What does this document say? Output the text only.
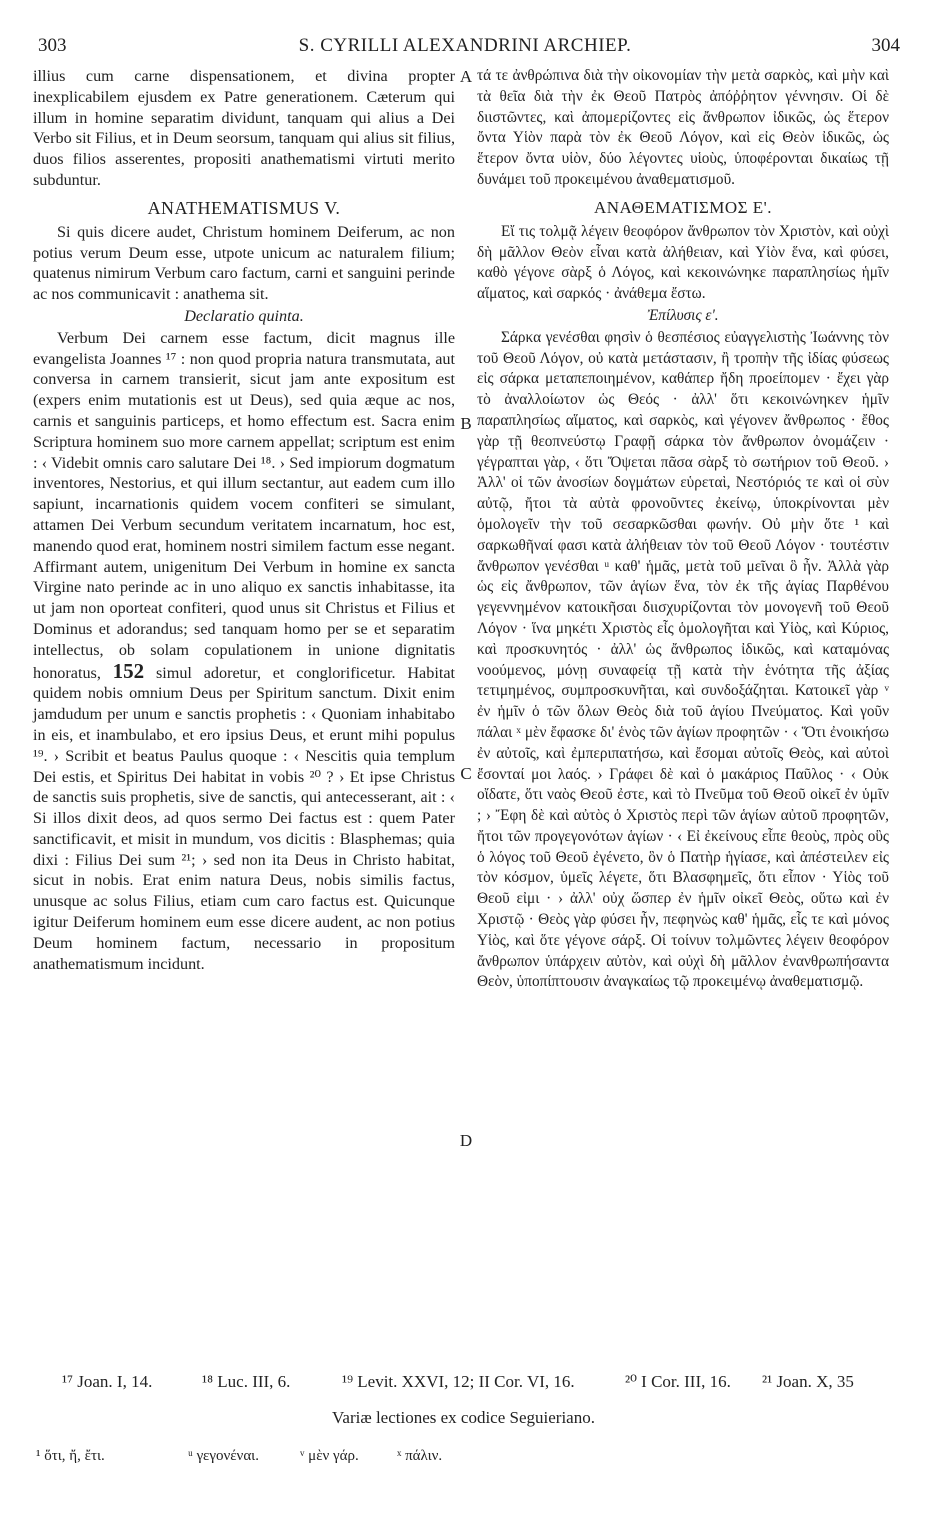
303	S. CYRILLI ALEXANDRINI ARCHIEP.	304
A
B
C
D

illius cum carne dispensationem, et divina propter inexplicabilem ejusdem ex Patre generationem. Cæterum qui illum in homine separatim dividunt, tanquam qui alius a Dei Verbo sit Filius, et in Deum seorsum, tanquam qui alius sit filius, duos filios asserentes, propositi anathematismi virtuti merito subduntur.

ANATHEMATISMUS V.

Si quis dicere audet, Christum hominem Deiferum, ac non potius verum Deum esse, utpote unicum ac naturalem filium; quatenus nimirum Verbum caro factum, carni et sanguini perinde ac nos communicavit : anathema sit.

Declaratio quinta.

Verbum Dei carnem esse factum, dicit magnus ille evangelista Joannes ¹⁷ : non quod propria natura transmutata, aut conversa in carnem transierit, sicut jam ante expositum est (expers enim mutationis est ut Deus), sed quia æque ac nos, carnis et sanguinis particeps, et homo effectum est. Sacra enim Scriptura hominem suo more carnem appellat; scriptum est enim : ‹ Videbit omnis caro salutare Dei ¹⁸. › Sed impiorum dogmatum inventores, Nestorius, et qui illum sectantur, aut eadem cum illo sapiunt, incarnationis quidem vocem confiteri se simulant, attamen Dei Verbum secundum veritatem incarnatum, hoc est, manendo quod erat, hominem nostri similem factum esse negant. Affirmant autem, unigenitum Dei Verbum in homine ex sancta Virgine nato perinde ac in uno aliquo ex sanctis inhabitasse, ita ut jam non oporteat confiteri, quod unus sit Christus et Filius et Dominus et adorandus; sed tanquam homo per se et separatim intellectus, ob solam copulationem in unione dignitatis honoratus, 152 simul adoretur, et conglorificetur. Habitat quidem nobis omnium Deus per Spiritum sanctum. Dixit enim jamdudum per unum e sanctis prophetis : ‹ Quoniam inhabitabo in eis, et inambulabo, et ero ipsius Deus, et erunt mihi populus ¹⁹. › Scribit et beatus Paulus quoque : ‹ Nescitis quia templum Dei estis, et Spiritus Dei habitat in vobis ²⁰ ? › Et ipse Christus de sanctis suis prophetis, sive de sanctis, qui antecesserant, ait : ‹ Si illos dixit deos, ad quos sermo Dei factus est : quem Pater sanctificavit, et misit in mundum, vos dicitis : Blasphemas; quia dixi : Filius Dei sum ²¹; › sed non ita Deus in Christo habitat, sicut in nobis. Erat enim natura Deus, nobis similis factus, unusque ac solus Filius, etiam cum caro factus est. Quicunque igitur Deiferum hominem eum esse dicere audent, ac non potius Deum hominem factum, necessario in propositum anathematismum incidunt.

τά τε ἀνθρώπινα διὰ τὴν οἰκονομίαν τὴν μετὰ σαρκὸς, καὶ μὴν καὶ τὰ θεῖα διὰ τὴν ἐκ Θεοῦ Πατρὸς ἀπόῤῥητον γέννησιν. Οἱ δὲ διιστῶντες, καὶ ἀπομερίζοντες εἰς ἄνθρωπον ἰδικῶς, ὡς ἕτερον ὄντα Υἱὸν παρὰ τὸν ἐκ Θεοῦ Λόγον, καὶ εἰς Θεὸν ἰδικῶς, ὡς ἕτερον ὄντα υἱὸν, δύο λέγοντες υἱοὺς, ὑποφέρονται δικαίως τῇ δυνάμει τοῦ προκειμένου ἀναθεματισμοῦ.

ΑΝΑΘΕΜΑΤΙΣΜΟΣ Ε'.

Εἴ τις τολμᾷ λέγειν θεοφόρον ἄνθρωπον τὸν Χριστὸν, καὶ οὐχὶ δὴ μᾶλλον Θεὸν εἶναι κατὰ ἀλήθειαν, καὶ Υἱὸν ἕνα, καὶ φύσει, καθὸ γέγονε σὰρξ ὁ Λόγος, καὶ κεκοινώνηκε παραπλησίως ἡμῖν αἵματος, καὶ σαρκός · ἀνάθεμα ἔστω.

Ἐπίλυσις ε'.

Σάρκα γενέσθαι φησὶν ὁ θεσπέσιος εὐαγγελιστὴς Ἰωάννης τὸν τοῦ Θεοῦ Λόγον, οὐ κατὰ μετάστασιν, ἢ τροπὴν τῆς ἰδίας φύσεως εἰς σάρκα μεταπεποιημένον, καθάπερ ἤδη προείπομεν · ἔχει γὰρ τὸ ἀναλλοίωτον ὡς Θεός · ἀλλ' ὅτι κεκοινώνηκεν ἡμῖν παραπλησίως αἵματος, καὶ σαρκὸς, καὶ γέγονεν ἄνθρωπος · ἔθος γὰρ τῇ θεοπνεύστῳ Γραφῇ σάρκα τὸν ἄνθρωπον ὀνομάζειν · γέγραπται γὰρ, ‹ ὅτι Ὄψεται πᾶσα σὰρξ τὸ σωτήριον τοῦ Θεοῦ. › Ἀλλ' οἱ τῶν ἀνοσίων δογμάτων εὑρεταὶ, Νεστόριός τε καὶ οἱ σὺν αὐτῷ, ἤτοι τὰ αὐτὰ φρονοῦντες ἐκείνῳ, ὑποκρίνονται μὲν ὁμολογεῖν τὴν τοῦ σεσαρκῶσθαι φωνήν. Οὐ μὴν ὅτε ¹ καὶ σαρκωθῆναί φασι κατὰ ἀλήθειαν τὸν τοῦ Θεοῦ Λόγον · τουτέστιν ἄνθρωπον γενέσθαι ᵘ καθ' ἡμᾶς, μετὰ τοῦ μεῖναι ὃ ἦν. Ἀλλὰ γὰρ ὡς εἰς ἄνθρωπον, τῶν ἁγίων ἕνα, τὸν ἐκ τῆς ἁγίας Παρθένου γεγεννημένον κατοικῆσαι διισχυρίζονται τὸν μονογενῆ τοῦ Θεοῦ Λόγον · ἵνα μηκέτι Χριστὸς εἷς ὁμολογῆται καὶ Υἱὸς, καὶ Κύριος, καὶ προσκυνητός · ἀλλ' ὡς ἄνθρωπος ἰδικῶς, καὶ καταμόνας νοούμενος, μόνῃ συναφείᾳ τῇ κατὰ τὴν ἑνότητα τῆς ἀξίας τετιμημένος, συμπροσκυνῆται, καὶ συνδοξάζηται. Κατοικεῖ γὰρ ᵛ ἐν ἡμῖν ὁ τῶν ὅλων Θεὸς διὰ τοῦ ἁγίου Πνεύματος. Καὶ γοῦν πάλαι ˣ μὲν ἔφασκε δι' ἑνὸς τῶν ἁγίων προφητῶν · ‹ Ὅτι ἐνοικήσω ἐν αὐτοῖς, καὶ ἐμπεριπατήσω, καὶ ἔσομαι αὐτοῖς Θεὸς, καὶ αὐτοὶ ἔσονταί μοι λαός. › Γράφει δὲ καὶ ὁ μακάριος Παῦλος · ‹ Οὐκ οἴδατε, ὅτι ναὸς Θεοῦ ἐστε, καὶ τὸ Πνεῦμα τοῦ Θεοῦ οἰκεῖ ἐν ὑμῖν ; › Ἔφη δὲ καὶ αὐτὸς ὁ Χριστὸς περὶ τῶν ἁγίων αὐτοῦ προφητῶν, ἤτοι τῶν προγεγονότων ἁγίων · ‹ Εἰ ἐκείνους εἶπε θεοὺς, πρὸς οὓς ὁ λόγος τοῦ Θεοῦ ἐγένετο, ὃν ὁ Πατὴρ ἡγίασε, καὶ ἀπέστειλεν εἰς τὸν κόσμον, ὑμεῖς λέγετε, ὅτι Βλασφημεῖς, ὅτι εἶπον · Υἱὸς τοῦ Θεοῦ εἰμι · › ἀλλ' οὐχ ὥσπερ ἐν ἡμῖν οἰκεῖ Θεὸς, οὕτω καὶ ἐν Χριστῷ · Θεὸς γὰρ φύσει ἦν, πεφηνὼς καθ' ἡμᾶς, εἷς τε καὶ μόνος Υἱὸς, καὶ ὅτε γέγονε σάρξ. Οἱ τοίνυν τολμῶντες λέγειν θεοφόρον ἄνθρωπον ὑπάρχειν αὐτὸν, καὶ οὐχὶ δὴ μᾶλλον ἐνανθρωπήσαντα Θεὸν, ὑποπίπτουσιν ἀναγκαίως τῷ προκειμένῳ ἀναθεματισμῷ.

¹⁷ Joan. I, 14.	¹⁸ Luc. III, 6.	¹⁹ Levit. XXVI, 12; II Cor. VI, 16.	²⁰ I Cor. III, 16. ²¹ Joan. X, 35
Variæ lectiones ex codice Seguieriano.
¹ ὅτι, ἤ, ἔτι.	ᵘ γεγονέναι.	ᵛ μὲν γάρ.	ˣ πάλιν.
